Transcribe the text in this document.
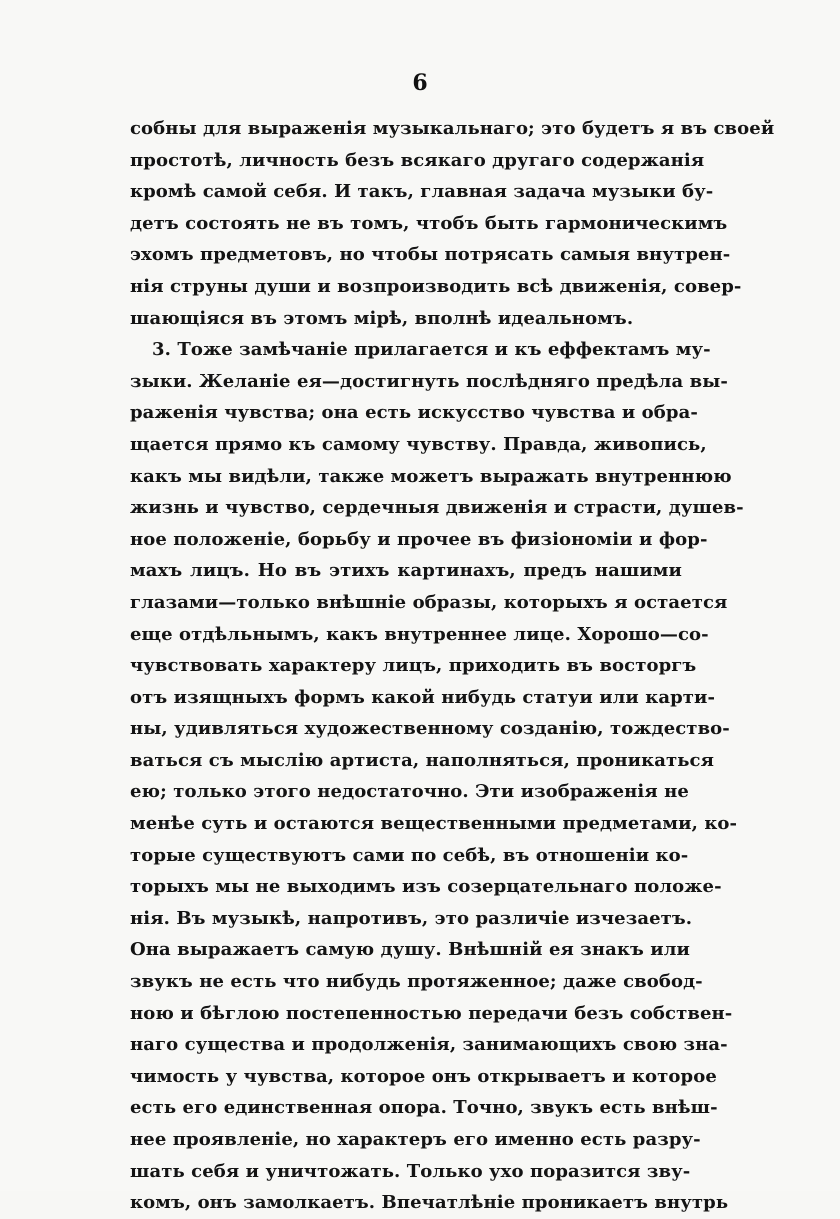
6
собны для выраженія музыкальнаго; это будетъ я въ своей
простотѣ, личность безъ всякаго другаго содержанія
кромѣ самой себя. И такъ, главная задача музыки бу-
детъ состоять не въ томъ, чтобъ быть гармоническимъ
эхомъ предметовъ, но чтобы потрясать самыя внутрен-
нія струны души и возпроизводить всѣ движенія, совер-
шающіяся въ этомъ мірѣ, вполнѣ идеальномъ.
3. Тоже замѣчаніе прилагается и къ еффектамъ му-
зыки. Желаніе ея—достигнуть послѣдняго предѣла вы-
раженія чувства; она есть искусство чувства и обра-
щается прямо къ самому чувству. Правда, живопись,
какъ мы видѣли, также можетъ выражать внутреннюю
жизнь и чувство, сердечныя движенія и страсти, душев-
ное положеніе, борьбу и прочее въ физіономіи и фор-
махъ лицъ. Но въ этихъ картинахъ, предъ нашими
глазами—только внѣшніе образы, которыхъ я остается
еще отдѣльнымъ, какъ внутреннее лице. Хорошо—со-
чувствовать характеру лицъ, приходить въ восторгъ
отъ изящныхъ формъ какой нибудь статуи или карти-
ны, удивляться художественному созданію, тождество-
ваться съ мыслію артиста, наполняться, проникаться
ею; только этого недостаточно. Эти изображенія не
менѣе суть и остаются вещественными предметами, ко-
торые существуютъ сами по себѣ, въ отношеніи ко-
торыхъ мы не выходимъ изъ созерцательнаго положе-
нія. Въ музыкѣ, напротивъ, это различіе изчезаетъ.
Она выражаетъ самую душу. Внѣшній ея знакъ или
звукъ не есть что нибудь протяженное; даже свобод-
ною и бѣглою постепенностью передачи безъ собствен-
наго существа и продолженія, занимающихъ свою зна-
чимость у чувства, которое онъ открываетъ и которое
есть его единственная опора. Точно, звукъ есть внѣш-
нее проявленіе, но характеръ его именно есть разру-
шать себя и уничтожать. Только ухо поразится зву-
комъ, онъ замолкаетъ. Впечатлѣніе проникаетъ внутрь
